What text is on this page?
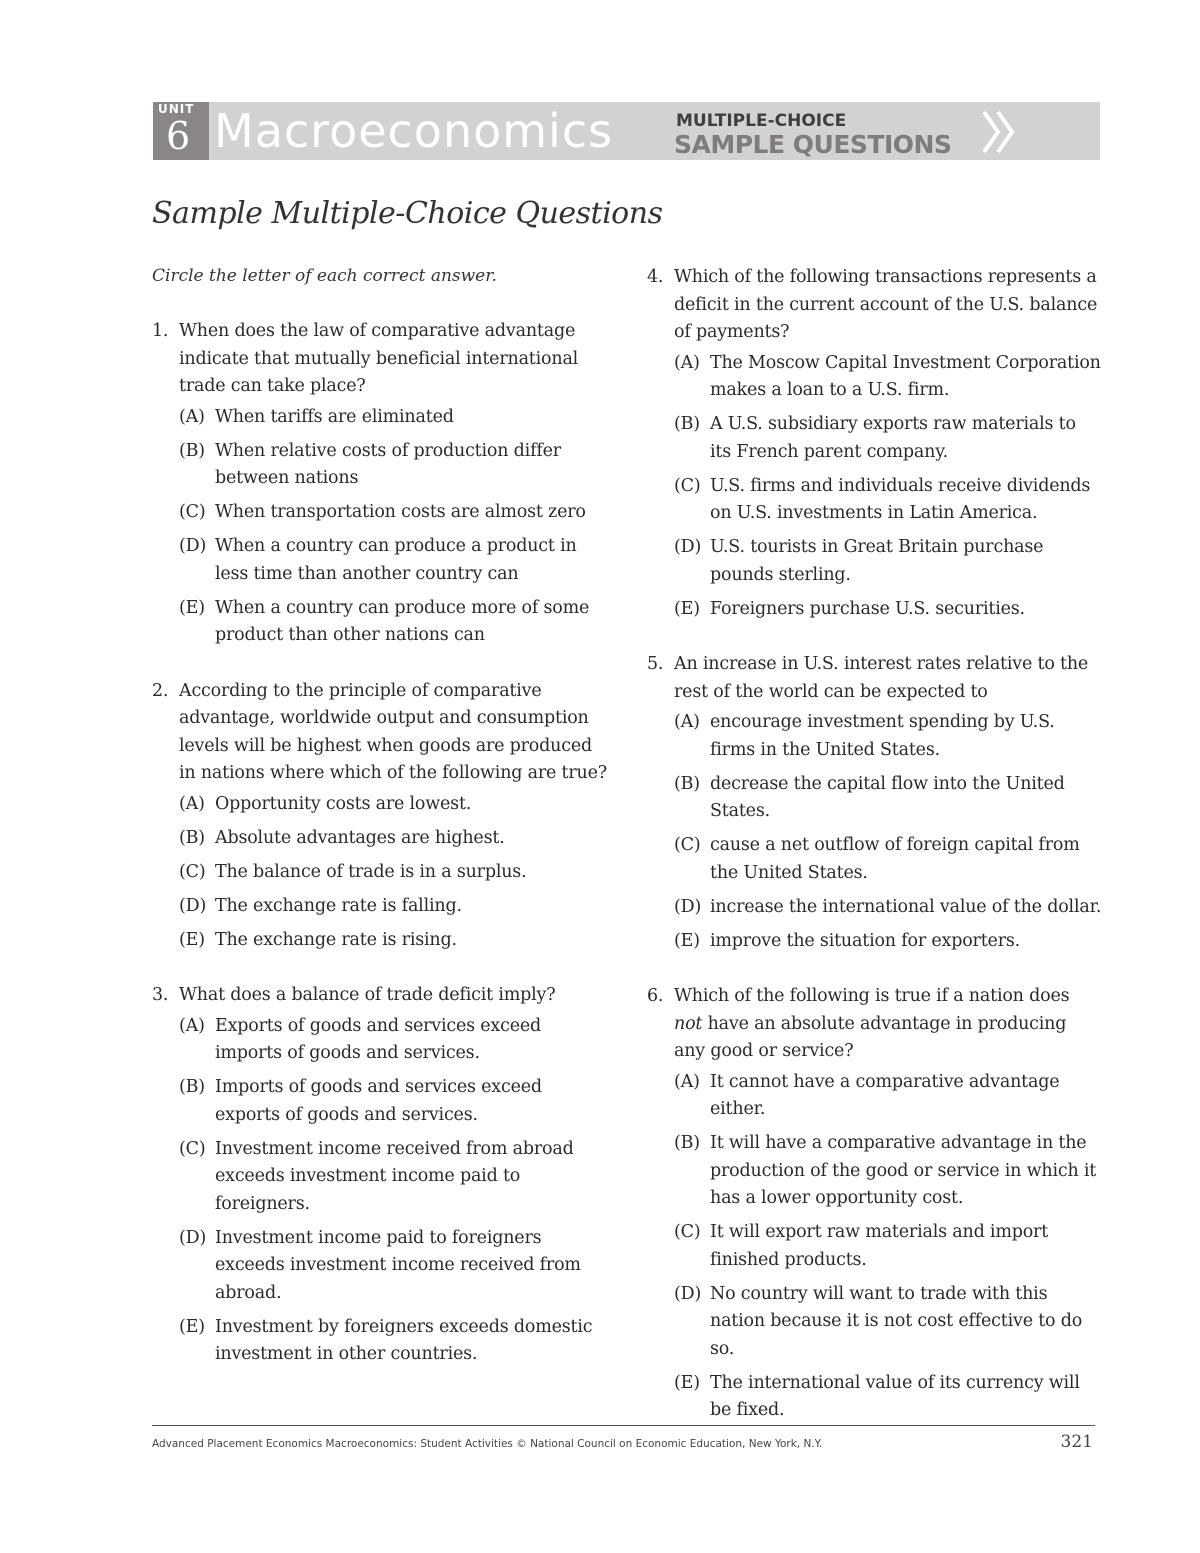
UNIT
6 Macroeconomics	MULTIPLE-CHOICE
SAMPLE QUESTIONS
Sample Multiple-Choice Questions
Circle the letter of each correct answer.
1. When does the law of comparative advantage indicate that mutually beneficial international trade can take place?
(A) When tariffs are eliminated
(B) When relative costs of production differ between nations
(C) When transportation costs are almost zero
(D) When a country can produce a product in less time than another country can
(E) When a country can produce more of some product than other nations can
2. According to the principle of comparative advantage, worldwide output and consumption levels will be highest when goods are produced in nations where which of the following are true?
(A) Opportunity costs are lowest.
(B) Absolute advantages are highest.
(C) The balance of trade is in a surplus.
(D) The exchange rate is falling.
(E) The exchange rate is rising.
3. What does a balance of trade deficit imply?
(A) Exports of goods and services exceed imports of goods and services.
(B) Imports of goods and services exceed exports of goods and services.
(C) Investment income received from abroad exceeds investment income paid to foreigners.
(D) Investment income paid to foreigners exceeds investment income received from abroad.
(E) Investment by foreigners exceeds domestic investment in other countries.
4. Which of the following transactions represents a deficit in the current account of the U.S. balance of payments?
(A) The Moscow Capital Investment Corporation makes a loan to a U.S. firm.
(B) A U.S. subsidiary exports raw materials to its French parent company.
(C) U.S. firms and individuals receive dividends on U.S. investments in Latin America.
(D) U.S. tourists in Great Britain purchase pounds sterling.
(E) Foreigners purchase U.S. securities.
5. An increase in U.S. interest rates relative to the rest of the world can be expected to
(A) encourage investment spending by U.S. firms in the United States.
(B) decrease the capital flow into the United States.
(C) cause a net outflow of foreign capital from the United States.
(D) increase the international value of the dollar.
(E) improve the situation for exporters.
6. Which of the following is true if a nation does not have an absolute advantage in producing any good or service?
(A) It cannot have a comparative advantage either.
(B) It will have a comparative advantage in the production of the good or service in which it has a lower opportunity cost.
(C) It will export raw materials and import finished products.
(D) No country will want to trade with this nation because it is not cost effective to do so.
(E) The international value of its currency will be fixed.
Advanced Placement Economics Macroeconomics: Student Activities © National Council on Economic Education, New York, N.Y.	321
